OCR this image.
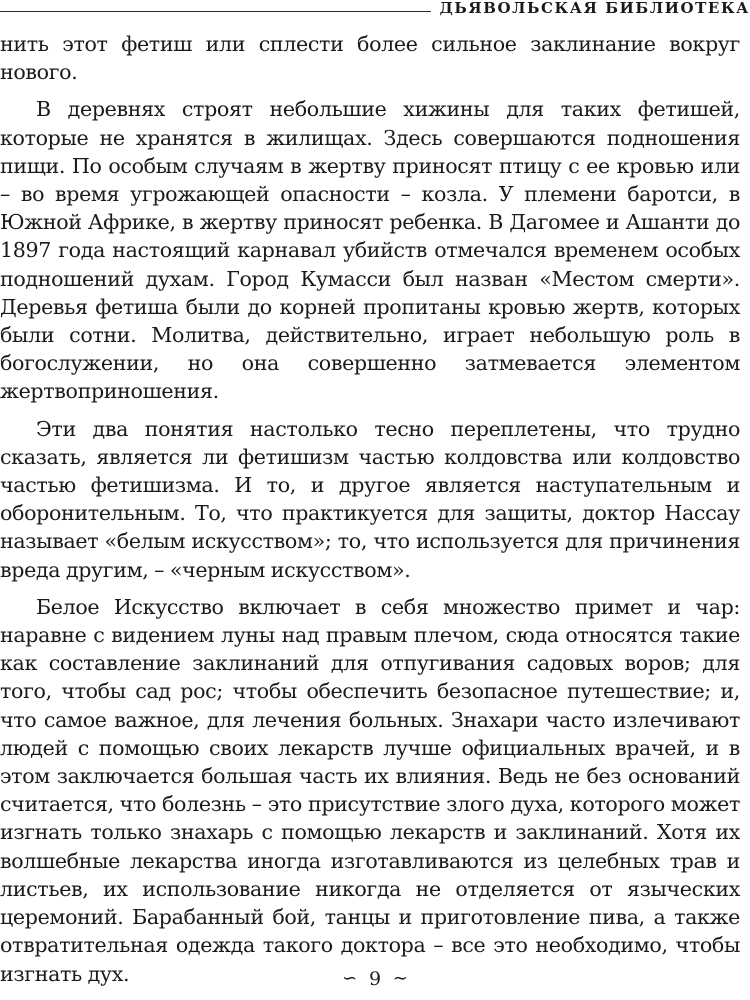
ДЬЯВОЛЬСКАЯ БИБЛИОТЕКА

нить этот фетиш или сплести более сильное заклинание вокруг нового.

В деревнях строят небольшие хижины для таких фетишей, которые не хранятся в жилищах. Здесь совершаются подношения пищи. По особым случаям в жертву приносят птицу с ее кровью или – во время угрожающей опасности – козла. У племени баротси, в Южной Африке, в жертву приносят ребенка. В Дагомее и Ашанти до 1897 года настоящий карнавал убийств отмечался временем особых подношений духам. Город Кумасси был назван «Местом смерти». Деревья фетиша были до корней пропитаны кровью жертв, которых были сотни. Молитва, действительно, играет небольшую роль в богослужении, но она совершенно затмевается элементом жертвоприношения.

Эти два понятия настолько тесно переплетены, что трудно сказать, является ли фетишизм частью колдовства или колдовство частью фетишизма. И то, и другое является наступательным и оборонительным. То, что практикуется для защиты, доктор Нассау называет «белым искусством»; то, что используется для причинения вреда другим, – «черным искусством».

Белое Искусство включает в себя множество примет и чар: наравне с видением луны над правым плечом, сюда относятся такие как составление заклинаний для отпугивания садовых воров; для того, чтобы сад рос; чтобы обеспечить безопасное путешествие; и, что самое важное, для лечения больных. Знахари часто излечивают людей с помощью своих лекарств лучше официальных врачей, и в этом заключается большая часть их влияния. Ведь не без оснований считается, что болезнь – это присутствие злого духа, которого может изгнать только знахарь с помощью лекарств и заклинаний. Хотя их волшебные лекарства иногда изготавливаются из целебных трав и листьев, их использование никогда не отделяется от языческих церемоний. Барабанный бой, танцы и приготовление пива, а также отвратительная одежда такого доктора – все это необходимо, чтобы изгнать дух.	∽ 9 ∼
